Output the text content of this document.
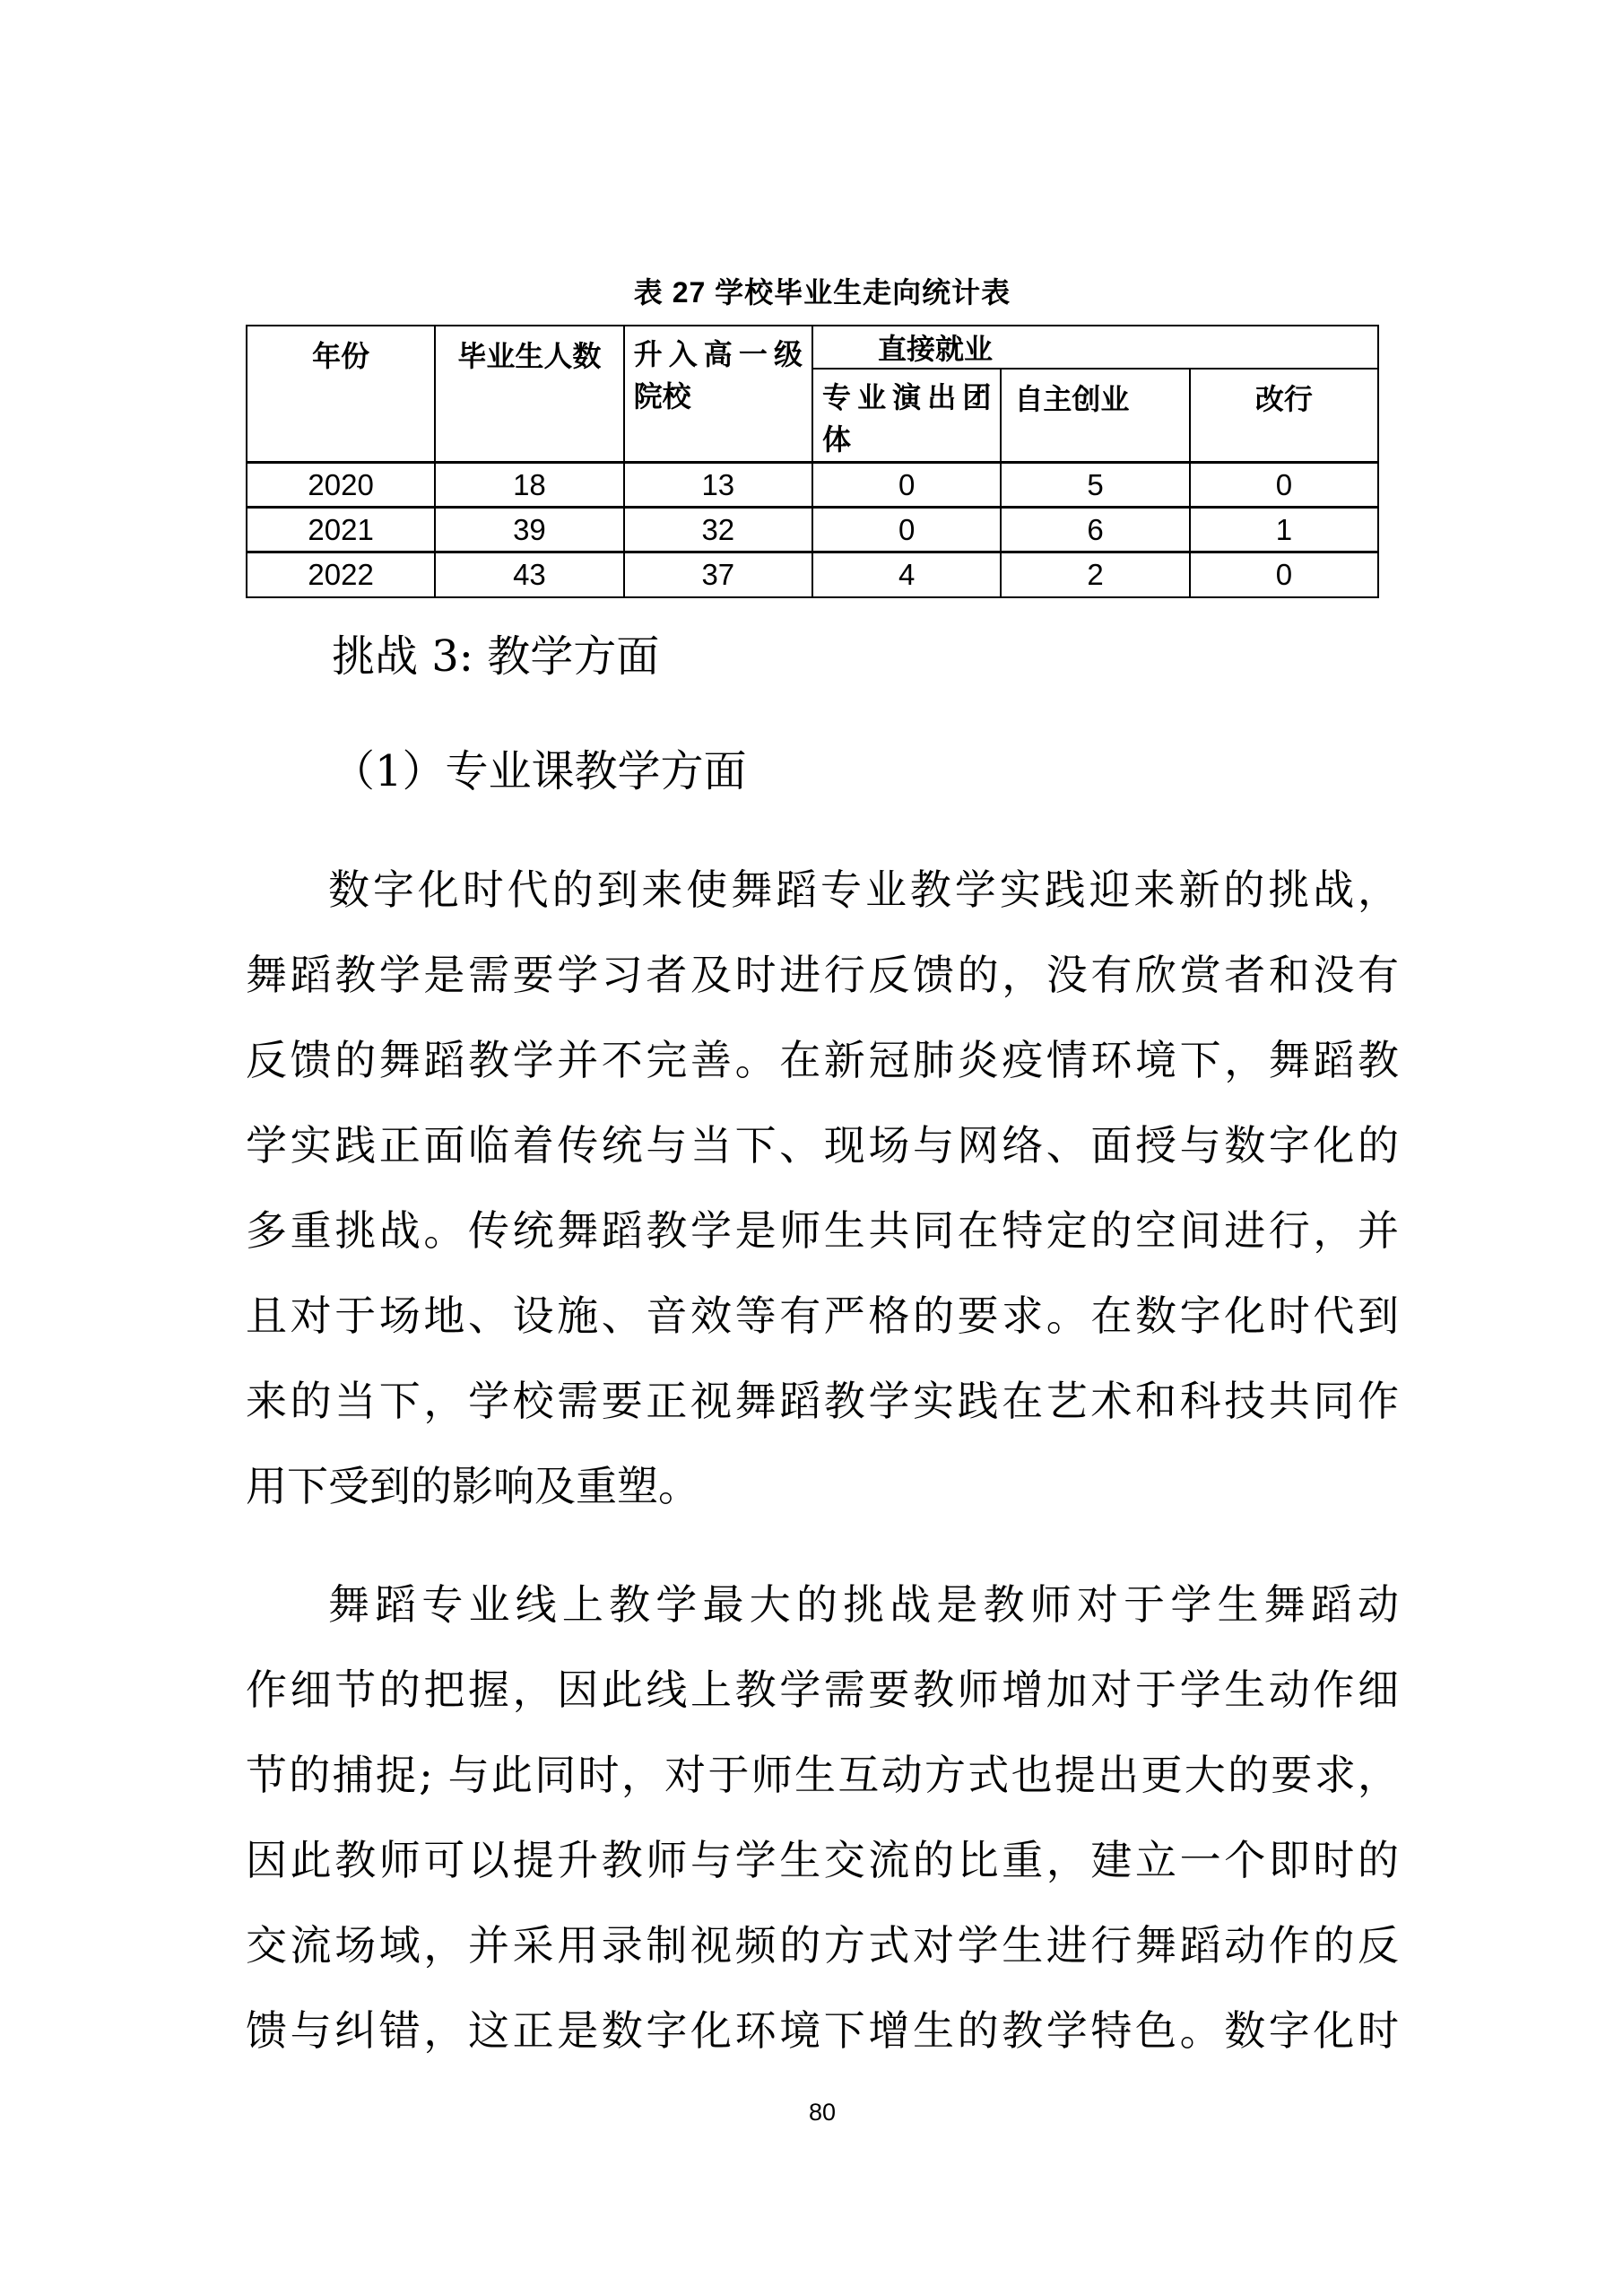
表 27 学校毕业生走向统计表
年份	毕业生人数	升入高一级院校	直接就业		
			专业演出团体	自主创业	改行
2020	18	13	0	5	0
2021	39	32	0	6	1
2022	43	37	4	2	0
挑战 3: 教学方面
（1）专业课教学方面
数字化时代的到来使舞蹈专业教学实践迎来新的挑战，
舞蹈教学是需要学习者及时进行反馈的，没有欣赏者和没有
反馈的舞蹈教学并不完善。在新冠肺炎疫情环境下，舞蹈教
学实践正面临着传统与当下、现场与网络、面授与数字化的
多重挑战。传统舞蹈教学是师生共同在特定的空间进行，并
且对于场地、设施、音效等有严格的要求。在数字化时代到
来的当下，学校需要正视舞蹈教学实践在艺术和科技共同作
用下受到的影响及重塑。
舞蹈专业线上教学最大的挑战是教师对于学生舞蹈动
作细节的把握，因此线上教学需要教师增加对于学生动作细
节的捕捉; 与此同时，对于师生互动方式也提出更大的要求，
因此教师可以提升教师与学生交流的比重，建立一个即时的
交流场域，并采用录制视频的方式对学生进行舞蹈动作的反
馈与纠错，这正是数字化环境下增生的教学特色。数字化时
80
